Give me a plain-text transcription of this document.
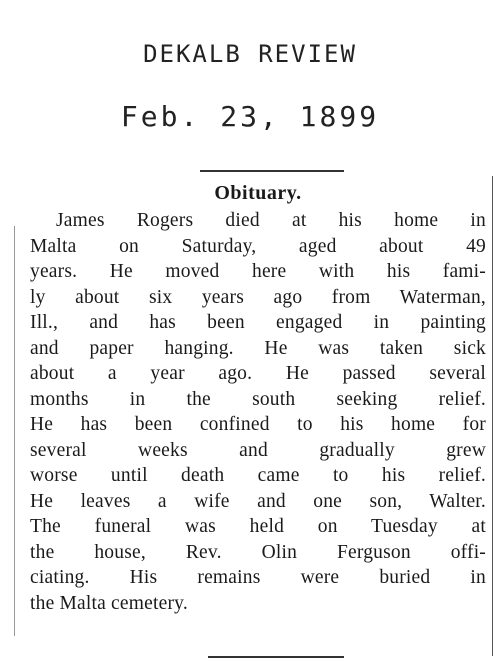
DEKALB REVIEW
Feb. 23, 1899
Obituary.
James Rogers died at his home in
Malta on Saturday, aged about 49
years. He moved here with his fami-
ly about six years ago from Waterman,
Ill., and has been engaged in painting
and paper hanging. He was taken sick
about a year ago. He passed several
months in the south seeking relief.
He has been confined to his home for
several weeks and gradually grew
worse until death came to his relief.
He leaves a wife and one son, Walter.
The funeral was held on Tuesday at
the house, Rev. Olin Ferguson offi-
ciating. His remains were buried in
the Malta cemetery.
